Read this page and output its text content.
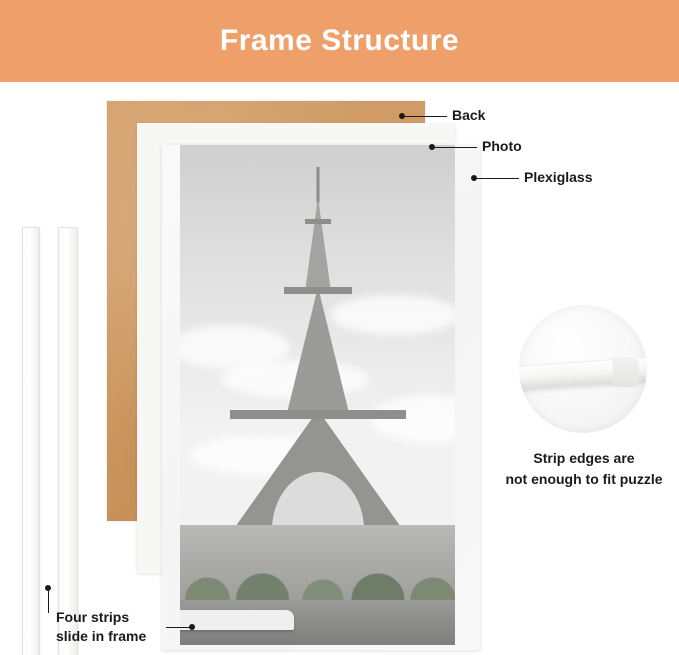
Frame Structure
Back
Photo
Plexiglass
Four strips
slide in frame
Strip edges are
not enough to fit puzzle
